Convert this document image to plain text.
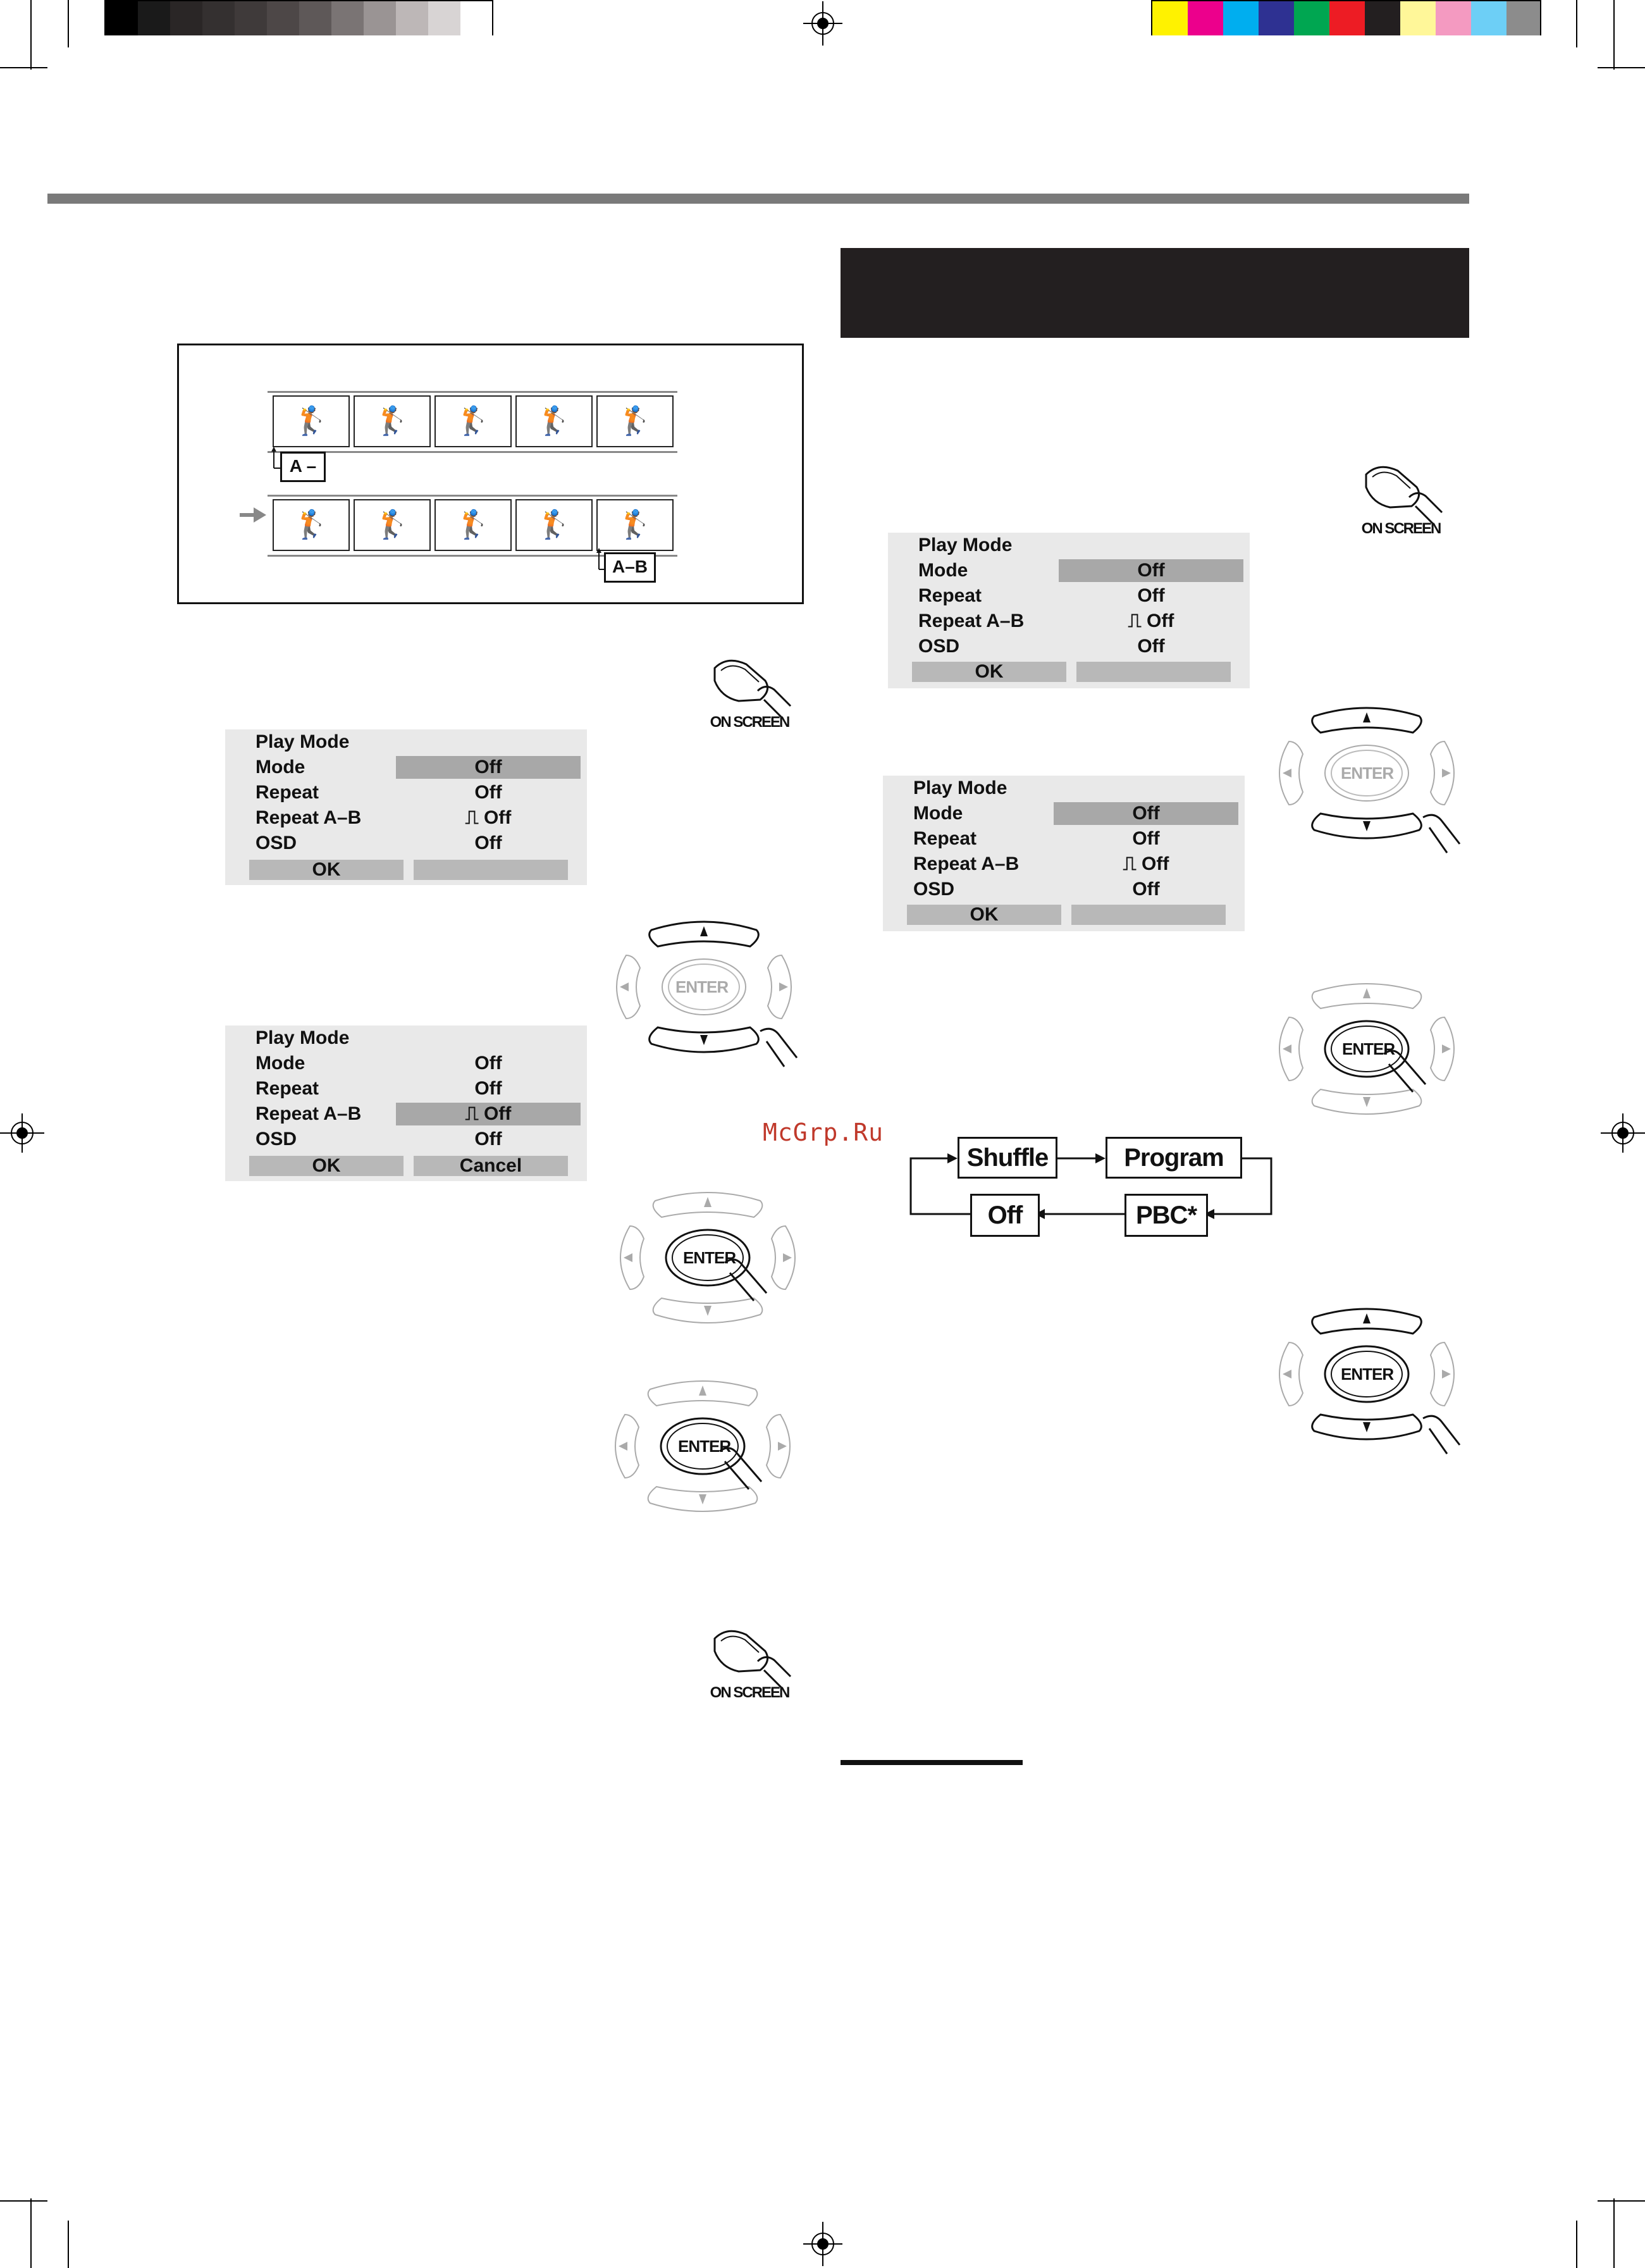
🏌	🏌	🏌	🏌	🏌
A –
🏌	🏌	🏌	🏌	🏌
A–B
ON SCREEN
ON SCREEN
ON SCREEN
Play Mode
Mode	Off
Repeat	Off
Repeat A–B	⎍ Off
OSD	Off
OK
Play Mode
Mode	Off
Repeat	Off
Repeat A–B	⎍ Off
OSD	Off
OK	Cancel
Play Mode
Mode	Off
Repeat	Off
Repeat A–B	⎍ Off
OSD	Off
OK
Play Mode
Mode	Off
Repeat	Off
Repeat A–B	⎍ Off
OSD	Off
OK
ENTER
ENTER
ENTER
ENTER
ENTER
ENTER
McGrp.Ru
Shuffle	Program
Off	PBC*
